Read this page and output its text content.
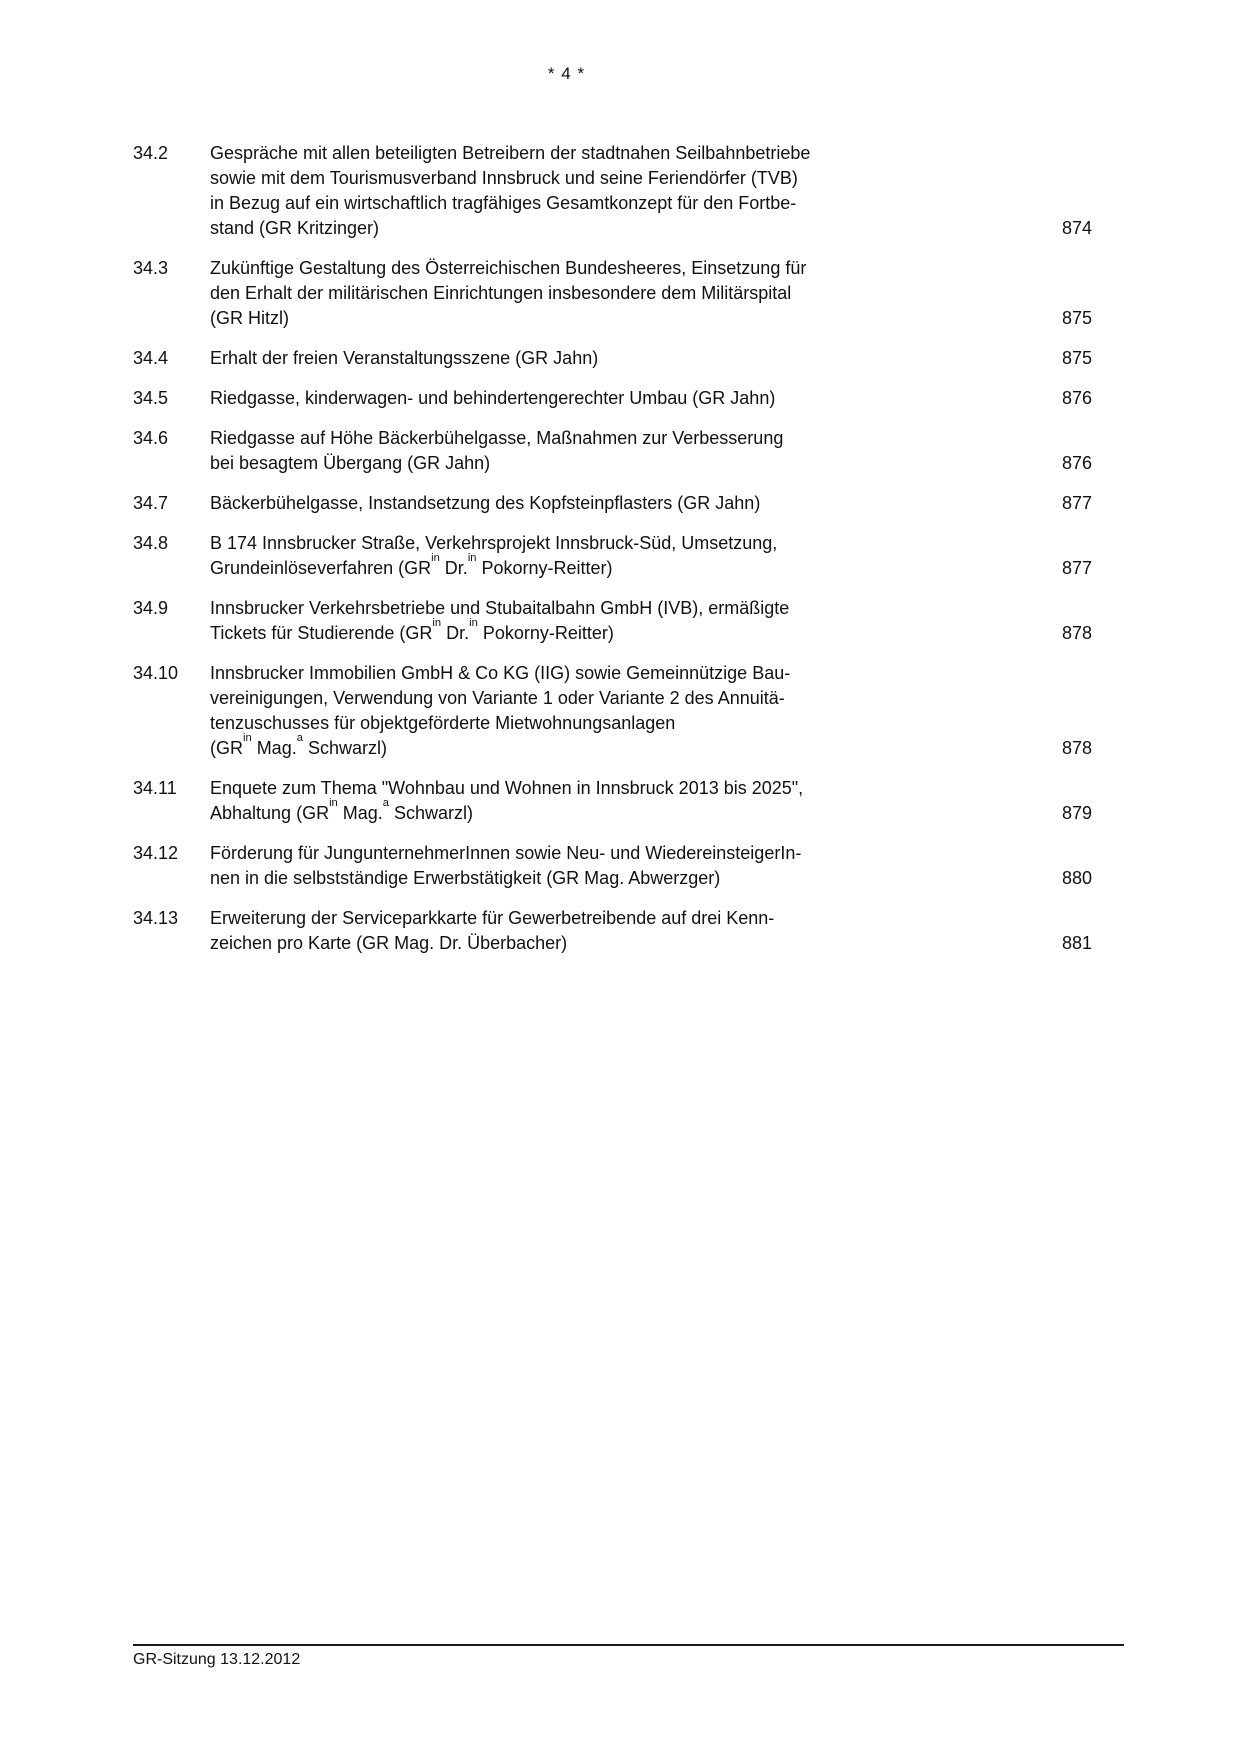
* 4 *
34.2 Gespräche mit allen beteiligten Betreibern der stadtnahen Seilbahnbetriebe
sowie mit dem Tourismusverband Innsbruck und seine Feriendörfer (TVB)
in Bezug auf ein wirtschaftlich tragfähiges Gesamtkonzept für den Fortbe-
stand (GR Kritzinger)	874
34.3 Zukünftige Gestaltung des Österreichischen Bundesheeres, Einsetzung für
den Erhalt der militärischen Einrichtungen insbesondere dem Militärspital
(GR Hitzl)	875
34.4 Erhalt der freien Veranstaltungsszene (GR Jahn)	875
34.5 Riedgasse, kinderwagen- und behindertengerechter Umbau (GR Jahn)	876
34.6 Riedgasse auf Höhe Bäckerbühelgasse, Maßnahmen zur Verbesserung
bei besagtem Übergang (GR Jahn)	876
34.7 Bäckerbühelgasse, Instandsetzung des Kopfsteinpflasters (GR Jahn)	877
34.8 B 174 Innsbrucker Straße, Verkehrsprojekt Innsbruck-Süd, Umsetzung,
Grundeinlöseverfahren ($GR^{in}$ Dr.$^{in}$ Pokorny-Reitter)	877
34.9 Innsbrucker Verkehrsbetriebe und Stubaitalbahn GmbH (IVB), ermäßigte
Tickets für Studierende ($GR^{in}$ Dr.$^{in}$ Pokorny-Reitter)	878
34.10 Innsbrucker Immobilien GmbH & Co KG (IIG) sowie Gemeinnützige Bau-
vereinigungen, Verwendung von Variante 1 oder Variante 2 des Annuitä-
tenzuschusses für objektgeförderte Mietwohnungsanlagen
($GR^{in}$ Mag.$^a$ Schwarzl)	878
34.11 Enquete zum Thema "Wohnbau und Wohnen in Innsbruck 2013 bis 2025",
Abhaltung ($GR^{in}$ Mag.$^a$ Schwarzl)	879
34.12 Förderung für JungunternehmerInnen sowie Neu- und WiedereinsteigerIn-
nen in die selbstständige Erwerbstätigkeit (GR Mag. Abwerzger)	880
34.13 Erweiterung der Serviceparkkarte für Gewerbetreibende auf drei Kenn-
zeichen pro Karte (GR Mag. Dr. Überbacher)	881
GR-Sitzung 13.12.2012
